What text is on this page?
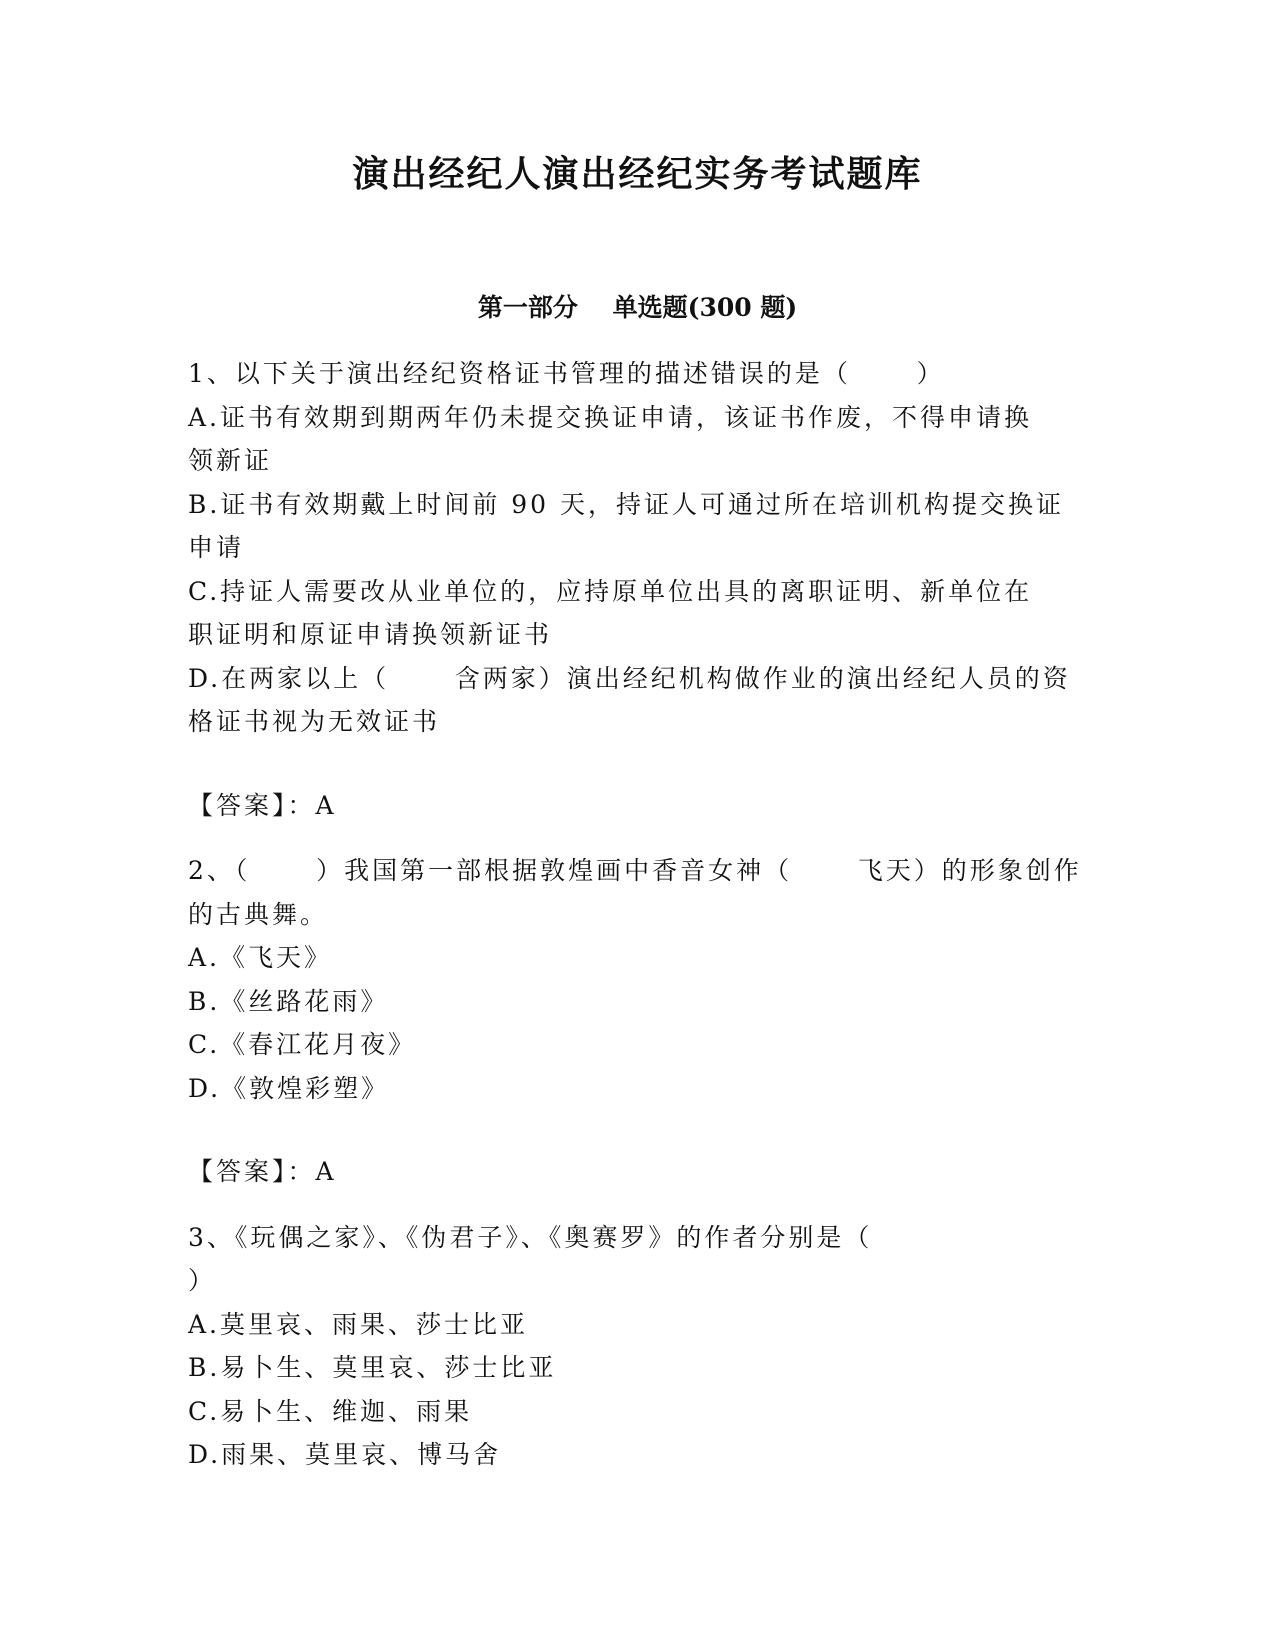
演出经纪人演出经纪实务考试题库
第一部分    单选题(300 题)
1、以下关于演出经纪资格证书管理的描述错误的是（      ）
A.证书有效期到期两年仍未提交换证申请，该证书作废，不得申请换
领新证
B.证书有效期戴上时间前 90 天，持证人可通过所在培训机构提交换证
申请
C.持证人需要改从业单位的，应持原单位出具的离职证明、新单位在
职证明和原证申请换领新证书
D.在两家以上（      含两家）演出经纪机构做作业的演出经纪人员的资
格证书视为无效证书
【答案】：A
2、（      ）我国第一部根据敦煌画中香音女神（      飞天）的形象创作
的古典舞。
A.《飞天》
B.《丝路花雨》
C.《春江花月夜》
D.《敦煌彩塑》
【答案】：A
3、《玩偶之家》、《伪君子》、《奥赛罗》的作者分别是（
）
A.莫里哀、雨果、莎士比亚
B.易卜生、莫里哀、莎士比亚
C.易卜生、维迦、雨果
D.雨果、莫里哀、博马舍
